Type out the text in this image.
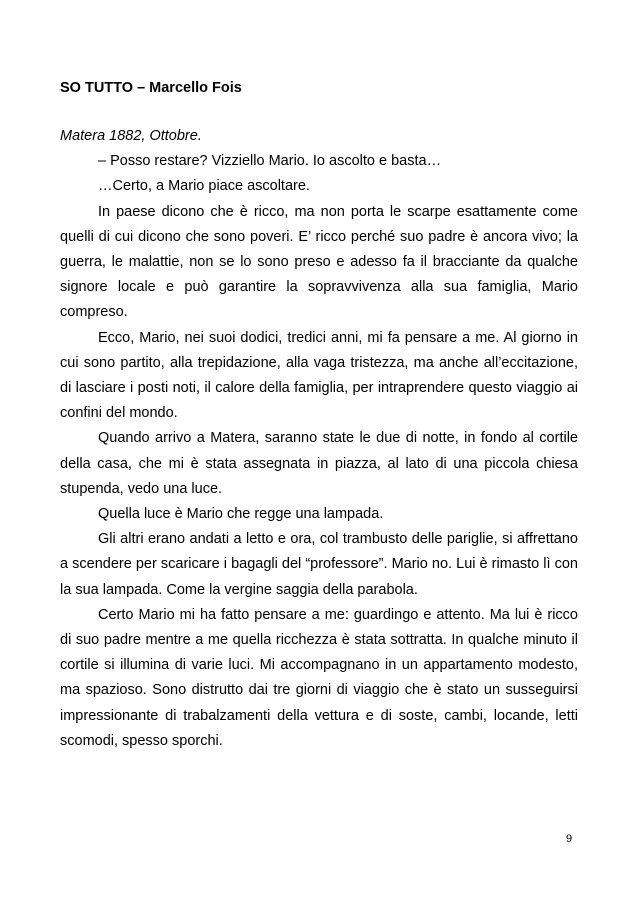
SO TUTTO – Marcello Fois

Matera 1882, Ottobre.

– Posso restare? Vizziello Mario. Io ascolto e basta…

…Certo, a Mario piace ascoltare.

In paese dicono che è ricco, ma non porta le scarpe esattamente come quelli di cui dicono che sono poveri. E’ ricco perché suo padre è ancora vivo; la guerra, le malattie, non se lo sono preso e adesso fa il bracciante da qualche signore locale e può garantire la sopravvivenza alla sua famiglia, Mario compreso.

Ecco, Mario, nei suoi dodici, tredici anni, mi fa pensare a me. Al giorno in cui sono partito, alla trepidazione, alla vaga tristezza, ma anche all’eccitazione, di lasciare i posti noti, il calore della famiglia, per intraprendere questo viaggio ai confini del mondo.

Quando arrivo a Matera, saranno state le due di notte, in fondo al cortile della casa, che mi è stata assegnata in piazza, al lato di una piccola chiesa stupenda, vedo una luce.

Quella luce è Mario che regge una lampada.

Gli altri erano andati a letto e ora, col trambusto delle pariglie, si affrettano a scendere per scaricare i bagagli del “professore”. Mario no. Lui è rimasto lì con la sua lampada. Come la vergine saggia della parabola.

Certo Mario mi ha fatto pensare a me: guardingo e attento. Ma lui è ricco di suo padre mentre a me quella ricchezza è stata sottratta. In qualche minuto il cortile si illumina di varie luci. Mi accompagnano in un appartamento modesto, ma spazioso. Sono distrutto dai tre giorni di viaggio che è stato un susseguirsi impressionante di trabalzamenti della vettura e di soste, cambi, locande, letti scomodi, spesso sporchi.

9
